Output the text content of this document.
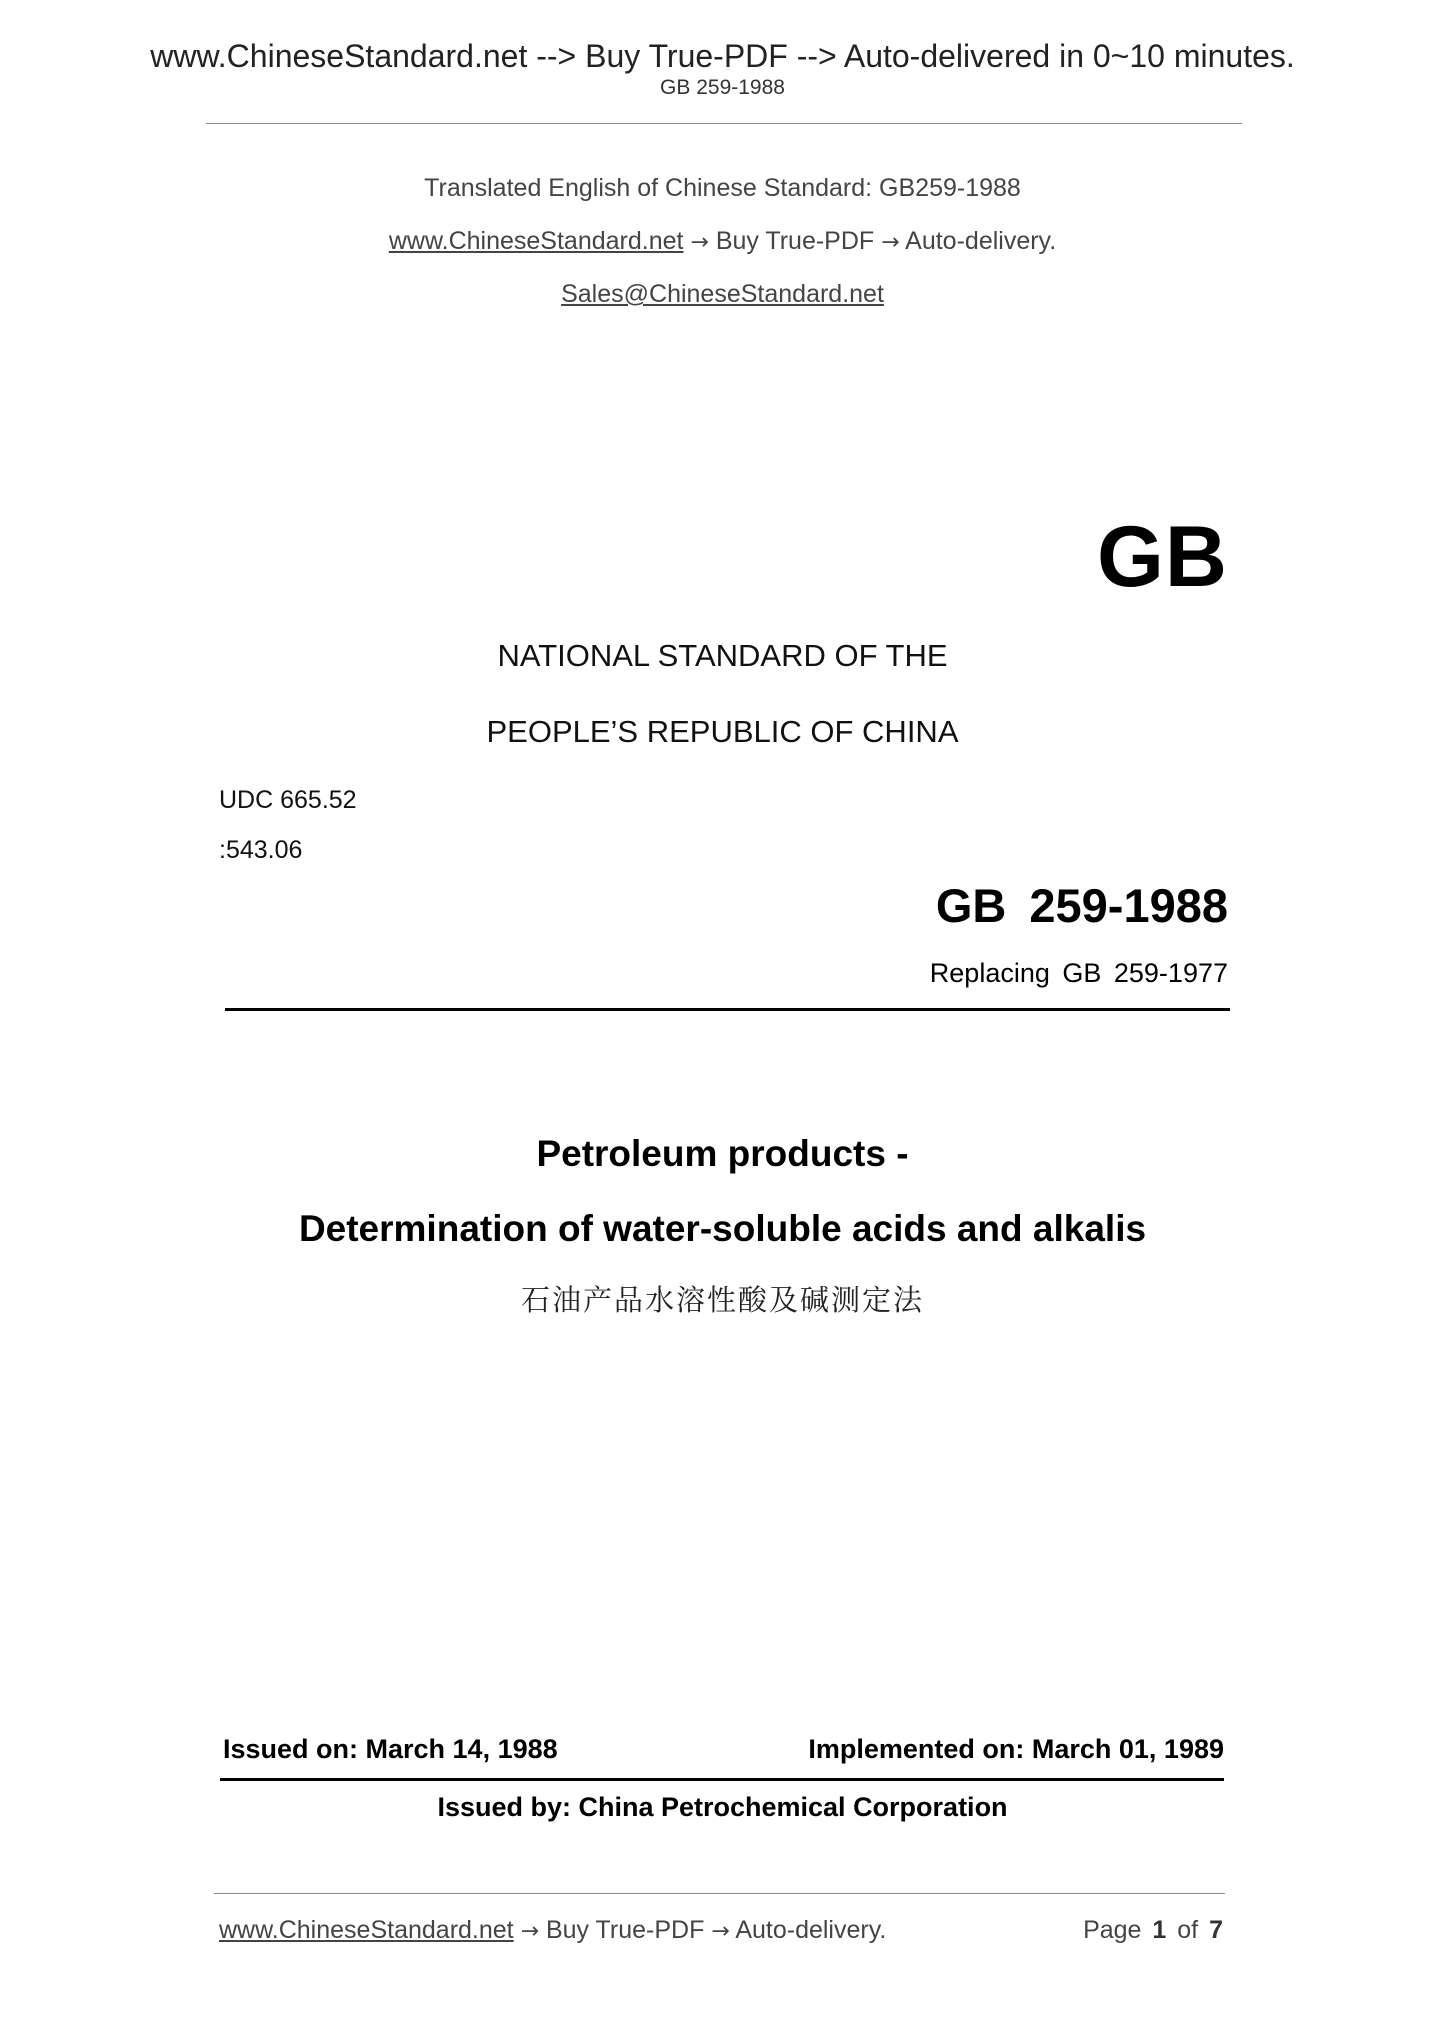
www.ChineseStandard.net --> Buy True-PDF --> Auto-delivered in 0~10 minutes.
GB 259-1988
Translated English of Chinese Standard: GB259-1988
www.ChineseStandard.net → Buy True-PDF → Auto-delivery.
Sales@ChineseStandard.net
GB
NATIONAL STANDARD OF THE
PEOPLE’S REPUBLIC OF CHINA
UDC 665.52
:543.06
GB 259-1988
Replacing GB 259-1977
Petroleum products -
Determination of water-soluble acids and alkalis
石油产品水溶性酸及碱测定法
Issued on: March 14, 1988	Implemented on: March 01, 1989
Issued by: China Petrochemical Corporation
www.ChineseStandard.net → Buy True-PDF → Auto-delivery.	Page 1 of 7
